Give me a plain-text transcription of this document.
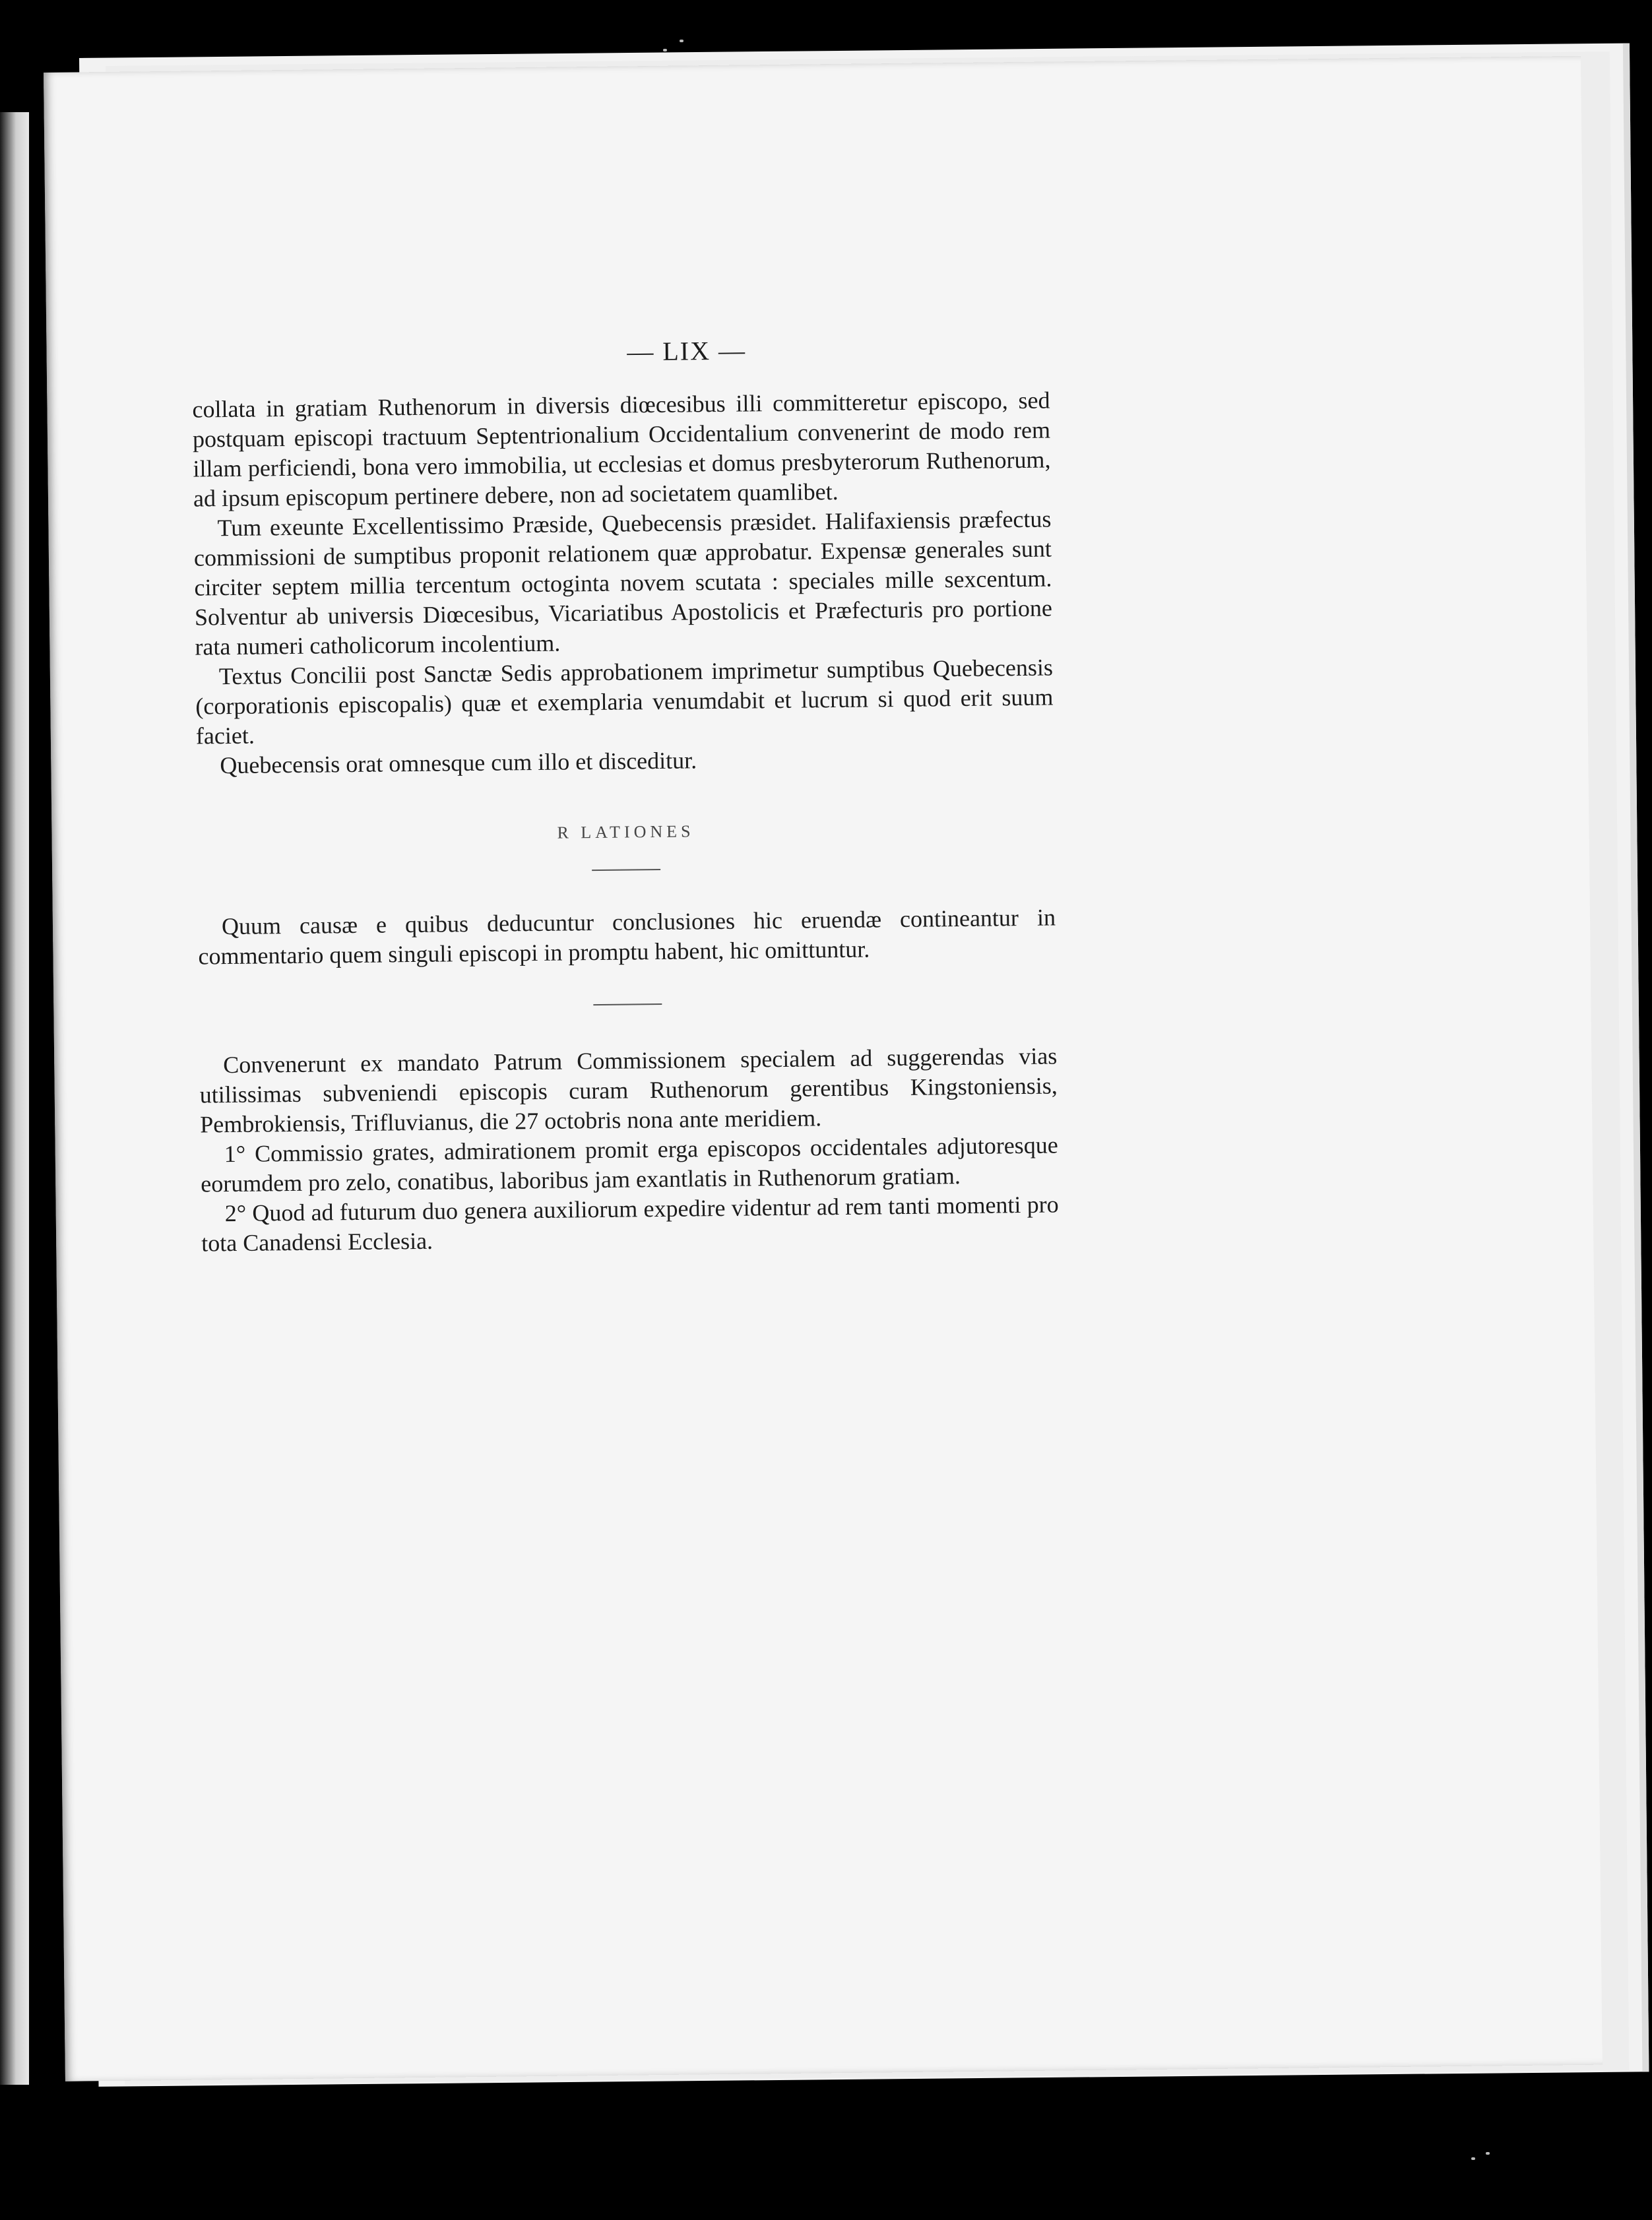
— LIX —

collata in gratiam Ruthenorum in diversis diœcesibus illi committeretur episcopo, sed postquam episcopi tractuum Septentrionalium Occidentalium convenerint de modo rem illam perficiendi, bona vero immobilia, ut ecclesias et domus presbyterorum Ruthenorum, ad ipsum episcopum pertinere debere, non ad societatem quamlibet.

Tum exeunte Excellentissimo Præside, Quebecensis præsidet. Halifaxiensis præfectus commissioni de sumptibus proponit relationem quæ approbatur. Expensæ generales sunt circiter septem millia tercentum octoginta novem scutata : speciales mille sexcentum. Solventur ab universis Diœcesibus, Vicariatibus Apostolicis et Præfecturis pro portione rata numeri catholicorum incolentium.

Textus Concilii post Sanctæ Sedis approbationem imprimetur sumptibus Quebecensis (corporationis episcopalis) quæ et exemplaria venumdabit et lucrum si quod erit suum faciet.

Quebecensis orat omnesque cum illo et disceditur.

R LATIONES

Quum causæ e quibus deducuntur conclusiones hic eruendæ contineantur in commentario quem singuli episcopi in promptu habent, hic omittuntur.

Convenerunt ex mandato Patrum Commissionem specialem ad suggerendas vias utilissimas subveniendi episcopis curam Ruthenorum gerentibus Kingstoniensis, Pembrokiensis, Trifluvianus, die 27 octobris nona ante meridiem.

1° Commissio grates, admirationem promit erga episcopos occidentales adjutoresque eorumdem pro zelo, conatibus, laboribus jam exantlatis in Ruthenorum gratiam.

2° Quod ad futurum duo genera auxiliorum expedire videntur ad rem tanti momenti pro tota Canadensi Ecclesia.
